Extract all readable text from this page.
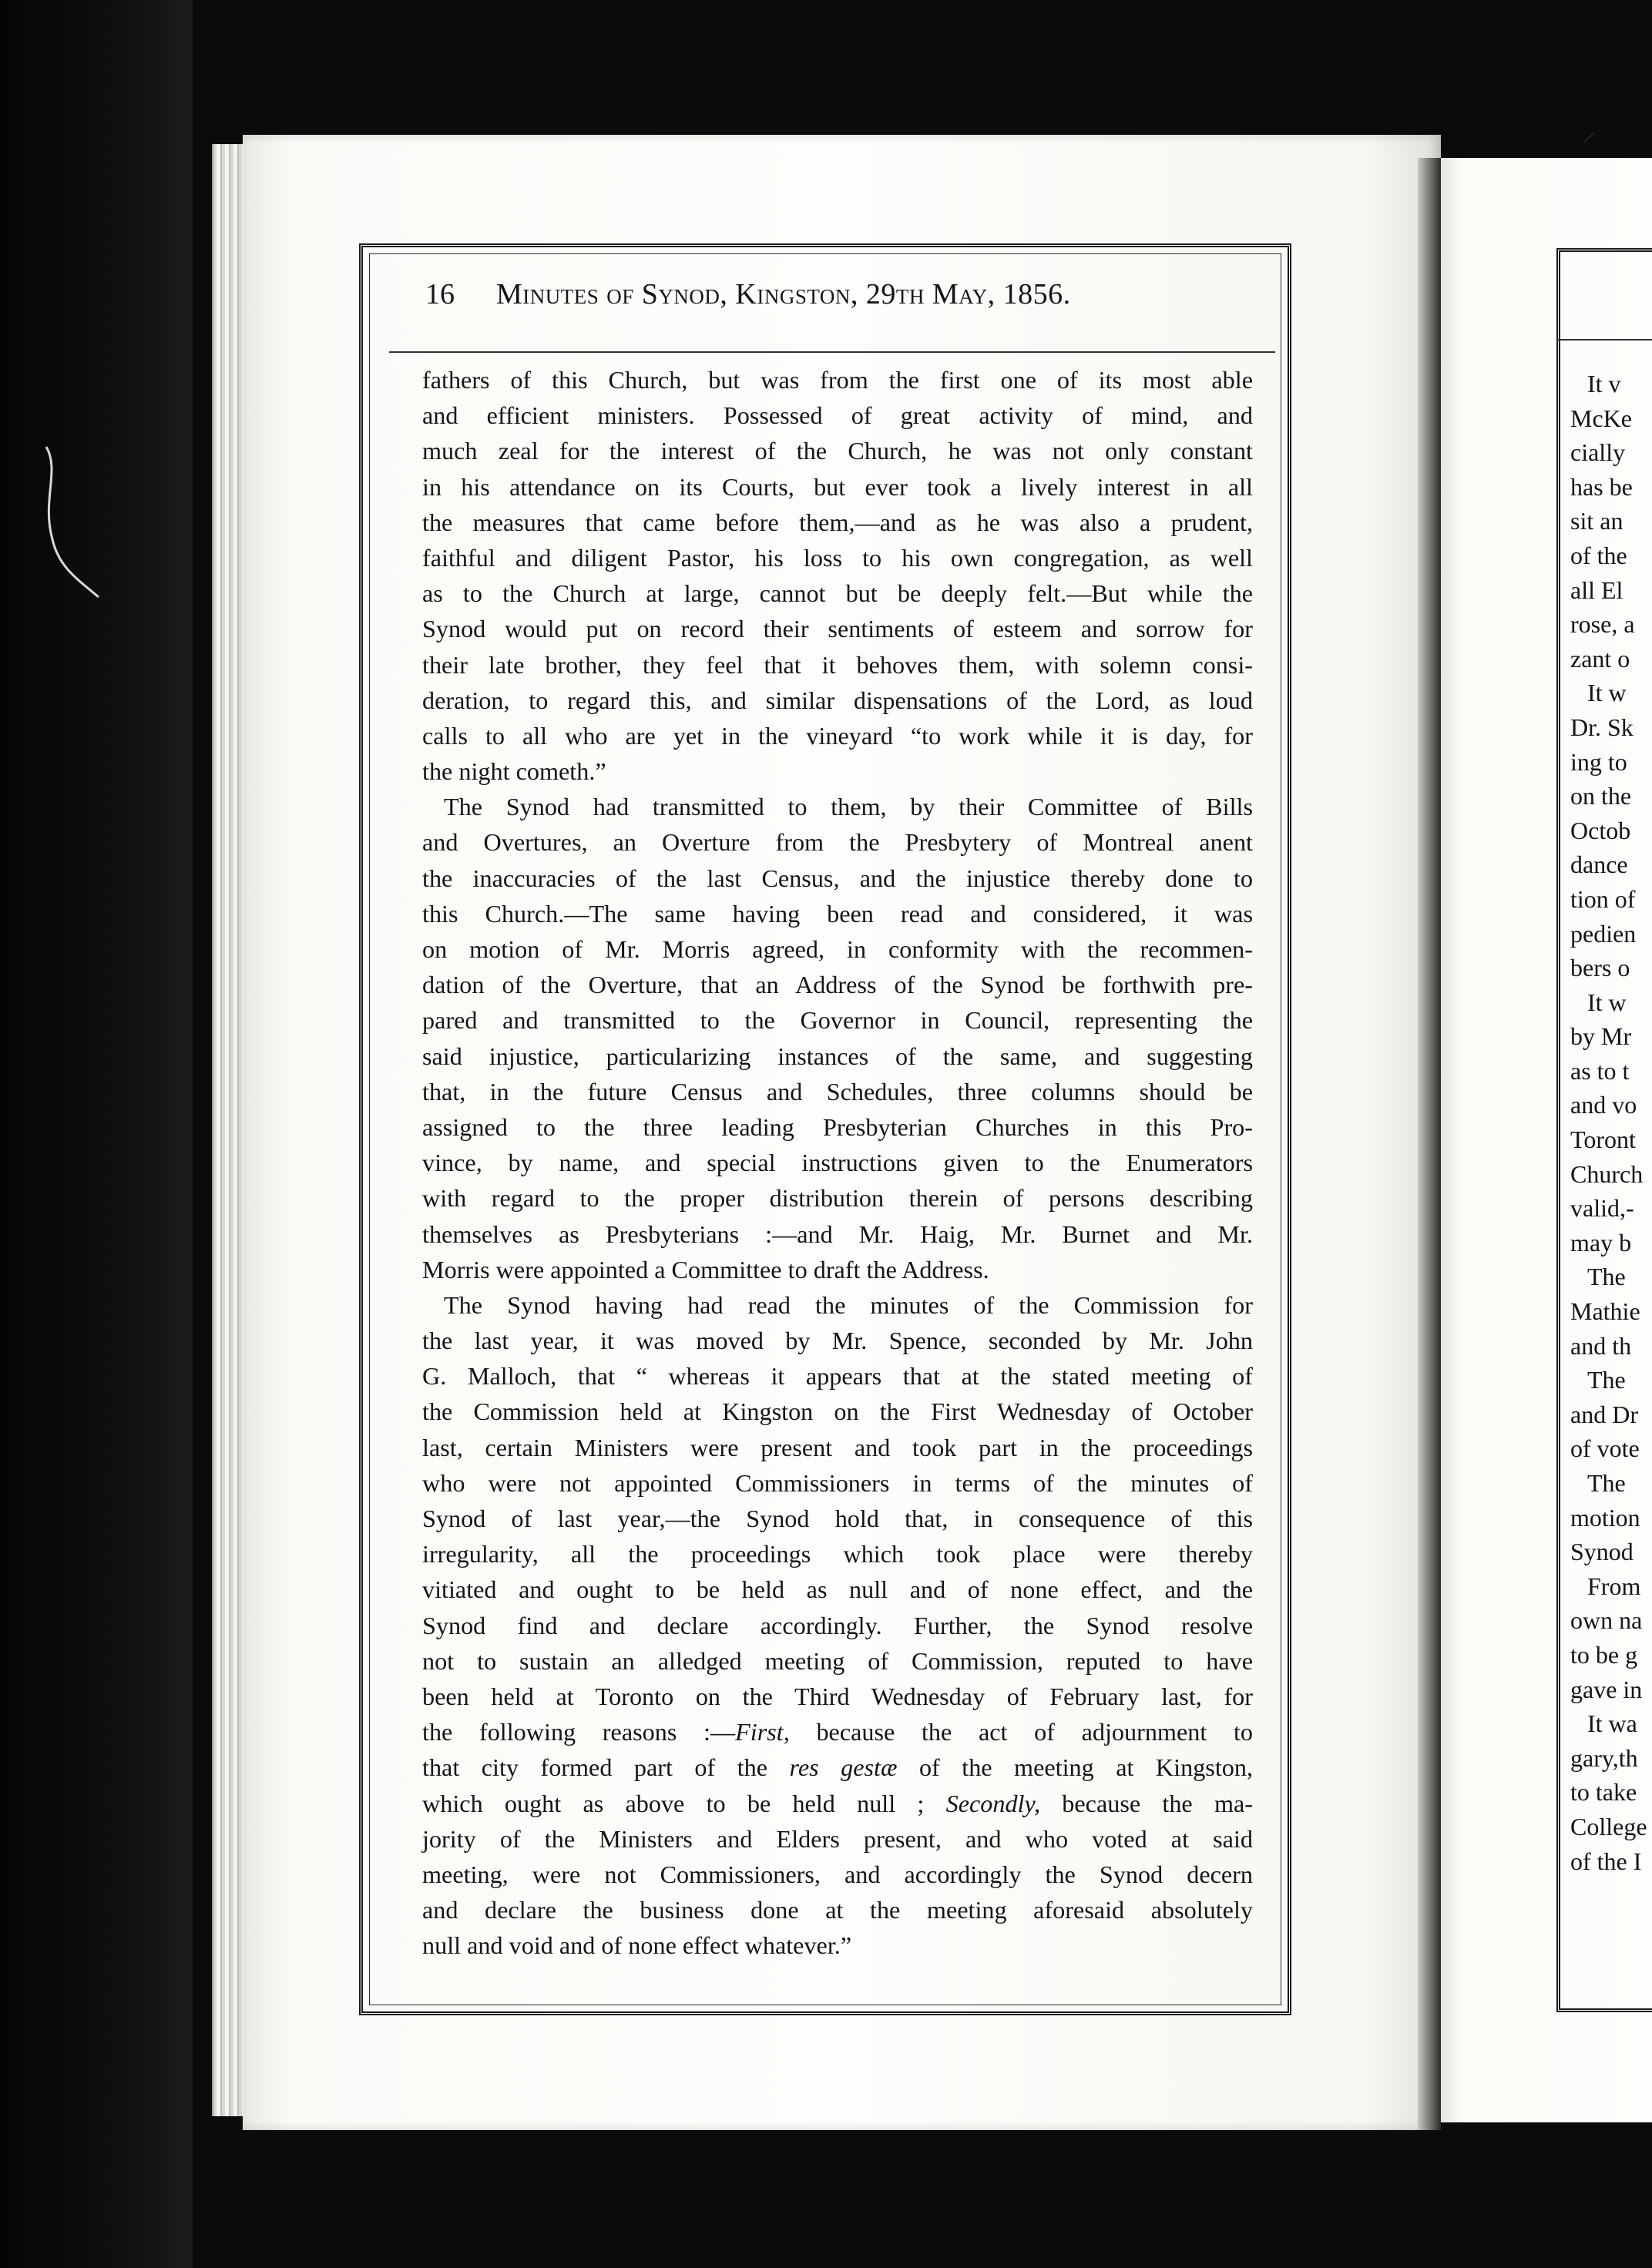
⸝
16	Minutes of Synod, Kingston, 29th May, 1856.
fathers of this Church, but was from the first one of its most able
and efficient ministers. Possessed of great activity of mind, and
much zeal for the interest of the Church, he was not only constant
in his attendance on its Courts, but ever took a lively interest in all
the measures that came before them,—and as he was also a prudent,
faithful and diligent Pastor, his loss to his own congregation, as well
as to the Church at large, cannot but be deeply felt.—But while the
Synod would put on record their sentiments of esteem and sorrow for
their late brother, they feel that it behoves them, with solemn consi-
deration, to regard this, and similar dispensations of the Lord, as loud
calls to all who are yet in the vineyard “to work while it is day, for
the night cometh.”
The Synod had transmitted to them, by their Committee of Bills
and Overtures, an Overture from the Presbytery of Montreal anent
the inaccuracies of the last Census, and the injustice thereby done to
this Church.—The same having been read and considered, it was
on motion of Mr. Morris agreed, in conformity with the recommen-
dation of the Overture, that an Address of the Synod be forthwith pre-
pared and transmitted to the Governor in Council, representing the
said injustice, particularizing instances of the same, and suggesting
that, in the future Census and Schedules, three columns should be
assigned to the three leading Presbyterian Churches in this Pro-
vince, by name, and special instructions given to the Enumerators
with regard to the proper distribution therein of persons describing
themselves as Presbyterians :—and Mr. Haig, Mr. Burnet and Mr.
Morris were appointed a Committee to draft the Address.
The Synod having had read the minutes of the Commission for
the last year, it was moved by Mr. Spence, seconded by Mr. John
G. Malloch, that “ whereas it appears that at the stated meeting of
the Commission held at Kingston on the First Wednesday of October
last, certain Ministers were present and took part in the proceedings
who were not appointed Commissioners in terms of the minutes of
Synod of last year,—the Synod hold that, in consequence of this
irregularity, all the proceedings which took place were thereby
vitiated and ought to be held as null and of none effect, and the
Synod find and declare accordingly. Further, the Synod resolve
not to sustain an alledged meeting of Commission, reputed to have
been held at Toronto on the Third Wednesday of February last, for
the following reasons :—First, because the act of adjournment to
that city formed part of the res gestæ of the meeting at Kingston,
which ought as above to be held null ; Secondly, because the ma-
jority of the Ministers and Elders present, and who voted at said
meeting, were not Commissioners, and accordingly the Synod decern
and declare the business done at the meeting aforesaid absolutely
null and void and of none effect whatever.”
It v
McKe
cially
has be
sit an
of the
all El
rose, a
zant o
It w
Dr. Sk
ing to
on the
Octob
dance
tion of
pedien
bers o
It w
by Mr
as to t
and vo
Toront
Church
valid,-
may b
The
Mathie
and th
The
and Dr
of vote
The
motion
Synod
From
own na
to be g
gave in
It wa
gary,th
to take
College
of the I
